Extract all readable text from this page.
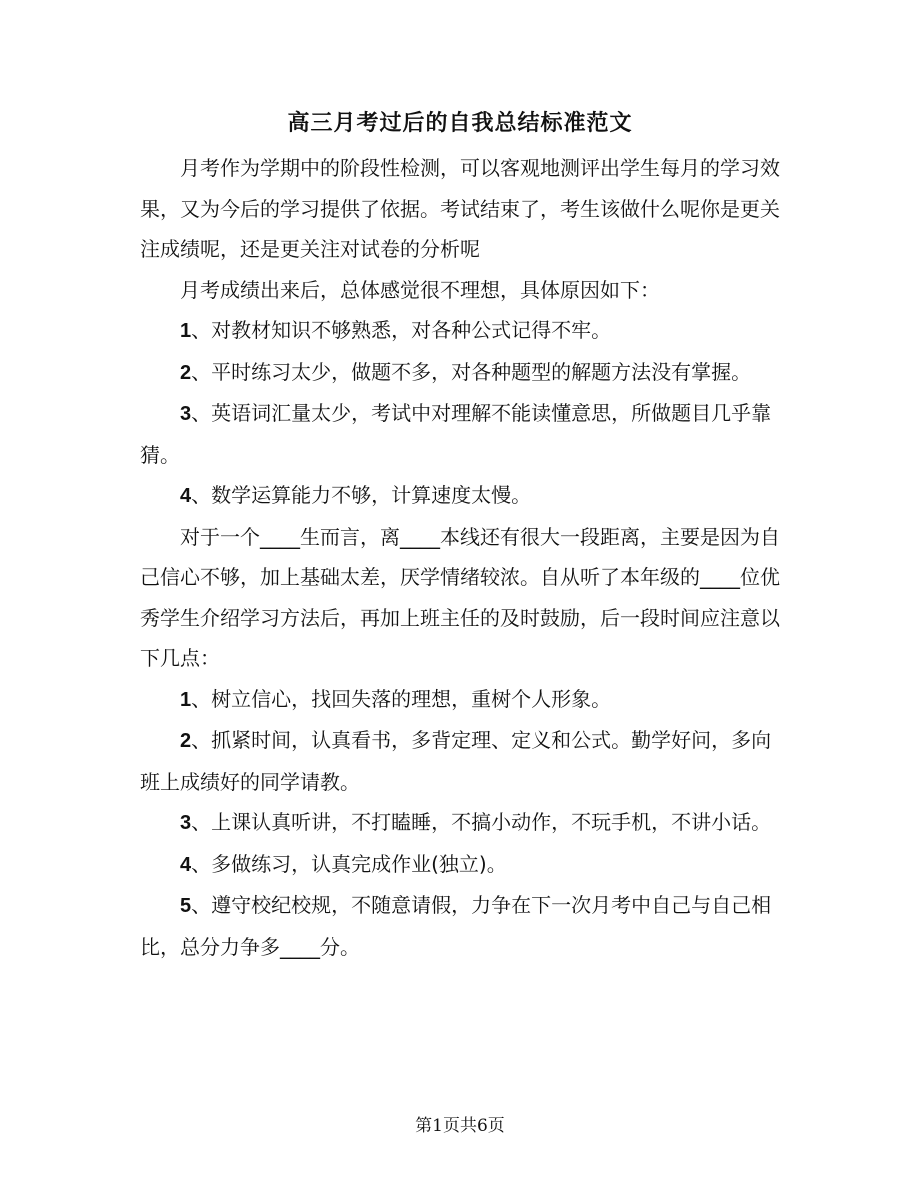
高三月考过后的自我总结标准范文

月考作为学期中的阶段性检测，可以客观地测评出学生每月的学习效果，又为今后的学习提供了依据。考试结束了，考生该做什么呢你是更关注成绩呢，还是更关注对试卷的分析呢

月考成绩出来后，总体感觉很不理想，具体原因如下：

1、对教材知识不够熟悉，对各种公式记得不牢。

2、平时练习太少，做题不多，对各种题型的解题方法没有掌握。

3、英语词汇量太少，考试中对理解不能读懂意思，所做题目几乎靠猜。

4、数学运算能力不够，计算速度太慢。

对于一个____生而言，离____本线还有很大一段距离，主要是因为自己信心不够，加上基础太差，厌学情绪较浓。自从听了本年级的____位优秀学生介绍学习方法后，再加上班主任的及时鼓励，后一段时间应注意以下几点：

1、树立信心，找回失落的理想，重树个人形象。

2、抓紧时间，认真看书，多背定理、定义和公式。勤学好问，多向班上成绩好的同学请教。

3、上课认真听讲，不打瞌睡，不搞小动作，不玩手机，不讲小话。

4、多做练习，认真完成作业(独立)。

5、遵守校纪校规，不随意请假，力争在下一次月考中自己与自己相比，总分力争多____分。

第1页共6页
